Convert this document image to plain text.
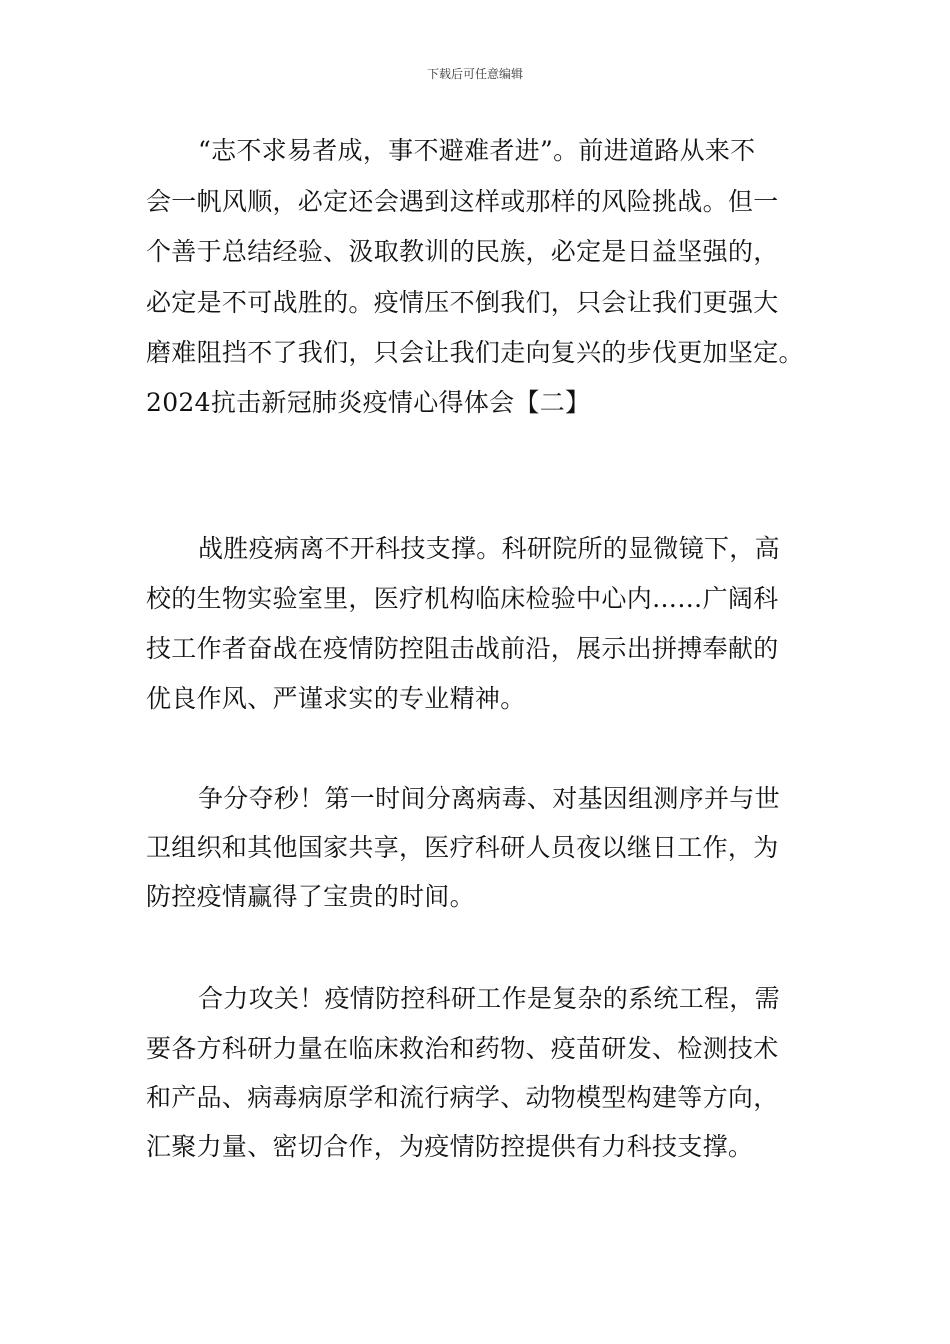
下载后可任意编辑
“志不求易者成，事不避难者进”。前进道路从来不
会一帆风顺，必定还会遇到这样或那样的风险挑战。但一
个善于总结经验、汲取教训的民族，必定是日益坚强的，
必定是不可战胜的。疫情压不倒我们，只会让我们更强大
磨难阻挡不了我们，只会让我们走向复兴的步伐更加坚定。
2024抗击新冠肺炎疫情心得体会【二】
战胜疫病离不开科技支撑。科研院所的显微镜下，高
校的生物实验室里，医疗机构临床检验中心内……广阔科
技工作者奋战在疫情防控阻击战前沿，展示出拼搏奉献的
优良作风、严谨求实的专业精神。
争分夺秒！第一时间分离病毒、对基因组测序并与世
卫组织和其他国家共享，医疗科研人员夜以继日工作，为
防控疫情赢得了宝贵的时间。
合力攻关！疫情防控科研工作是复杂的系统工程，需
要各方科研力量在临床救治和药物、疫苗研发、检测技术
和产品、病毒病原学和流行病学、动物模型构建等方向，
汇聚力量、密切合作，为疫情防控提供有力科技支撑。
